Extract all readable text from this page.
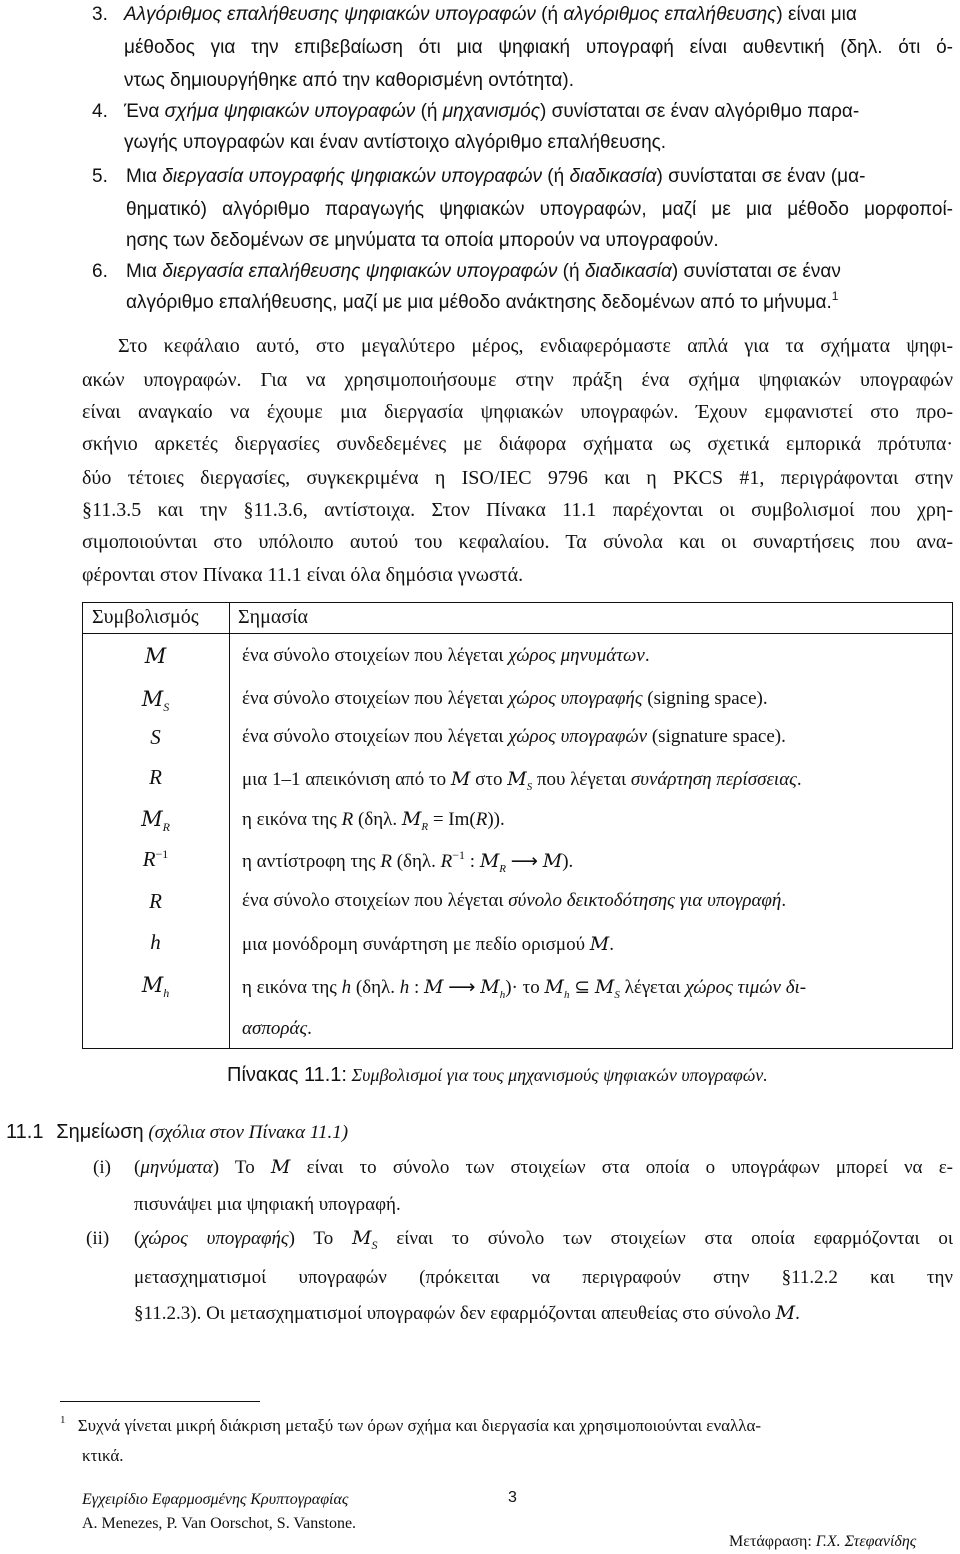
3. Αλγόριθμος επαλήθευσης ψηφιακών υπογραφών (ή αλγόριθμος επαλήθευσης) είναι μια
μέθοδος για την επιβεβαίωση ότι μια ψηφιακή υπογραφή είναι αυθεντική (δηλ. ότι ό-
ντως δημιουργήθηκε από την καθορισμένη οντότητα).
4. Ένα σχήμα ψηφιακών υπογραφών (ή μηχανισμός) συνίσταται σε έναν αλγόριθμο παρα-
γωγής υπογραφών και έναν αντίστοιχο αλγόριθμο επαλήθευσης.
5. Μια διεργασία υπογραφής ψηφιακών υπογραφών (ή διαδικασία) συνίσταται σε έναν (μα-
θηματικό) αλγόριθμο παραγωγής ψηφιακών υπογραφών, μαζί με μια μέθοδο μορφοποί-
ησης των δεδομένων σε μηνύματα τα οποία μπορούν να υπογραφούν.
6. Μια διεργασία επαλήθευσης ψηφιακών υπογραφών (ή διαδικασία) συνίσταται σε έναν
αλγόριθμο επαλήθευσης, μαζί με μια μέθοδο ανάκτησης δεδομένων από το μήνυμα.$^1$
Στο κεφάλαιο αυτό, στο μεγαλύτερο μέρος, ενδιαφερόμαστε απλά για τα σχήματα ψηφι-
ακών υπογραφών. Για να χρησιμοποιήσουμε στην πράξη ένα σχήμα ψηφιακών υπογραφών
είναι αναγκαίο να έχουμε μια διεργασία ψηφιακών υπογραφών. Έχουν εμφανιστεί στο προ-
σκήνιο αρκετές διεργασίες συνδεδεμένες με διάφορα σχήματα ως σχετικά εμπορικά πρότυπα·
δύο τέτοιες διεργασίες, συγκεκριμένα η ISO/IEC 9796 και η PKCS #1, περιγράφονται στην
§11.3.5 και την §11.3.6, αντίστοιχα. Στον Πίνακα 11.1 παρέχονται οι συμβολισμοί που χρη-
σιμοποιούνται στο υπόλοιπο αυτού του κεφαλαίου. Τα σύνολα και οι συναρτήσεις που ανα-
φέρονται στον Πίνακα 11.1 είναι όλα δημόσια γνωστά.
Συμβολισμός Σημασία
M
$M_S$
S
R
$M_R$
$R^{-1}$
R
h
$M_h$
ένα σύνολο στοιχείων που λέγεται χώρος μηνυμάτων.
ένα σύνολο στοιχείων που λέγεται χώρος υπογραφής (signing space).
ένα σύνολο στοιχείων που λέγεται χώρος υπογραφών (signature space).
μια 1–1 απεικόνιση από το M στο $M_S$ που λέγεται συνάρτηση περίσσειας.
η εικόνα της R (δηλ. $M_R = Im(R)$).
η αντίστροφη της R (δηλ. $R^{-1}$ : $M_R$ ⟶ M).
ένα σύνολο στοιχείων που λέγεται σύνολο δεικτοδότησης για υπογραφή.
μια μονόδρομη συνάρτηση με πεδίο ορισμού M.
η εικόνα της h (δηλ. h : M ⟶ $M_h)\cdot \tau o$ $M_h$ ⊆ $M_S$ λέγεται χώρος τιμών δι-
ασποράς.
Πίνακας 11.1: Συμβολισμοί για τους μηχανισμούς ψηφιακών υπογραφών.
11.1 Σημείωση (σχόλια στον Πίνακα 11.1)
(i) (μηνύματα) Το M είναι το σύνολο των στοιχείων στα οποία ο υπογράφων μπορεί να ε-
πισυνάψει μια ψηφιακή υπογραφή.
(ii) (χώρος υπογραφής) Το $M_S$ είναι το σύνολο των στοιχείων στα οποία εφαρμόζονται οι
μετασχηματισμοί υπογραφών (πρόκειται να περιγραφούν στην §11.2.2 και την
§11.2.3). Οι μετασχηματισμοί υπογραφών δεν εφαρμόζονται απευθείας στο σύνολο M.
$^1$ Συχνά γίνεται μικρή διάκριση μεταξύ των όρων σχήμα και διεργασία και χρησιμοποιούνται εναλλα-
κτικά.
Εγχειρίδιο Εφαρμοσμένης Κρυπτογραφίας	3
A. Menezes, P. Van Oorschot, S. Vanstone.
Μετάφραση: Γ.Χ. Στεφανίδης
